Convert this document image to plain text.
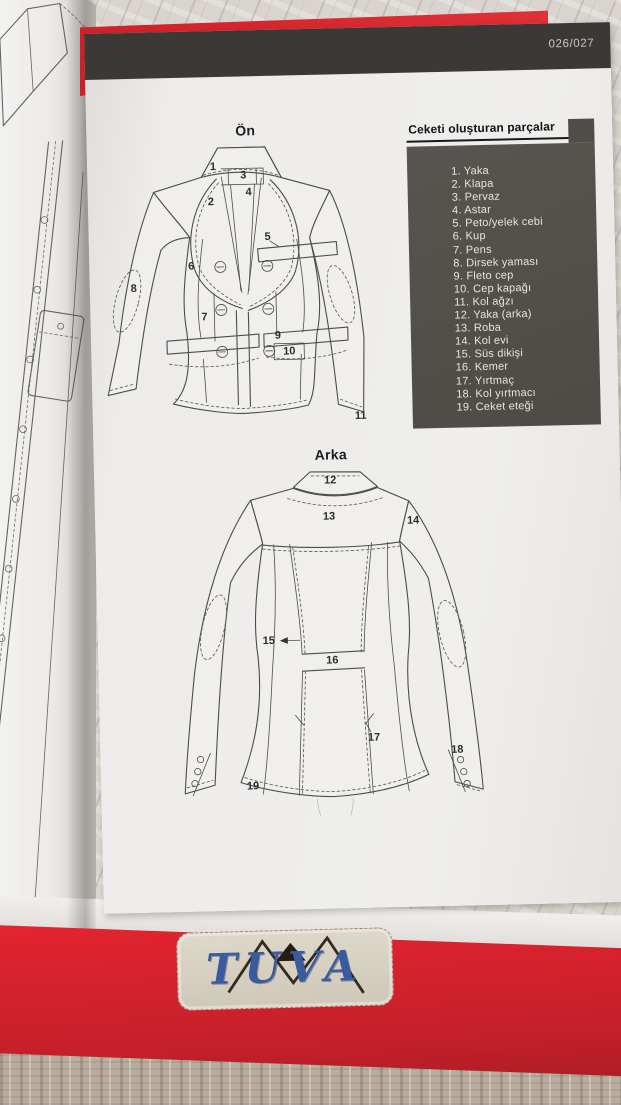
026/027
Ön
1
2
3
4
5
6
7
8
9
10
11
Arka
12
13	14
15
16
17
18
19
Ceketi oluşturan parçalar
1. Yaka
2. Klapa
3. Pervaz
4. Astar
5. Peto/yelek cebi
6. Kup
7. Pens
8. Dirsek yaması
9. Fleto cep
10. Cep kapağı
11. Kol ağzı
12. Yaka (arka)
13. Roba
14. Kol evi
15. Süs dikişi
16. Kemer
17. Yırtmaç
18. Kol yırtmacı
19. Ceket eteği
TUVA
